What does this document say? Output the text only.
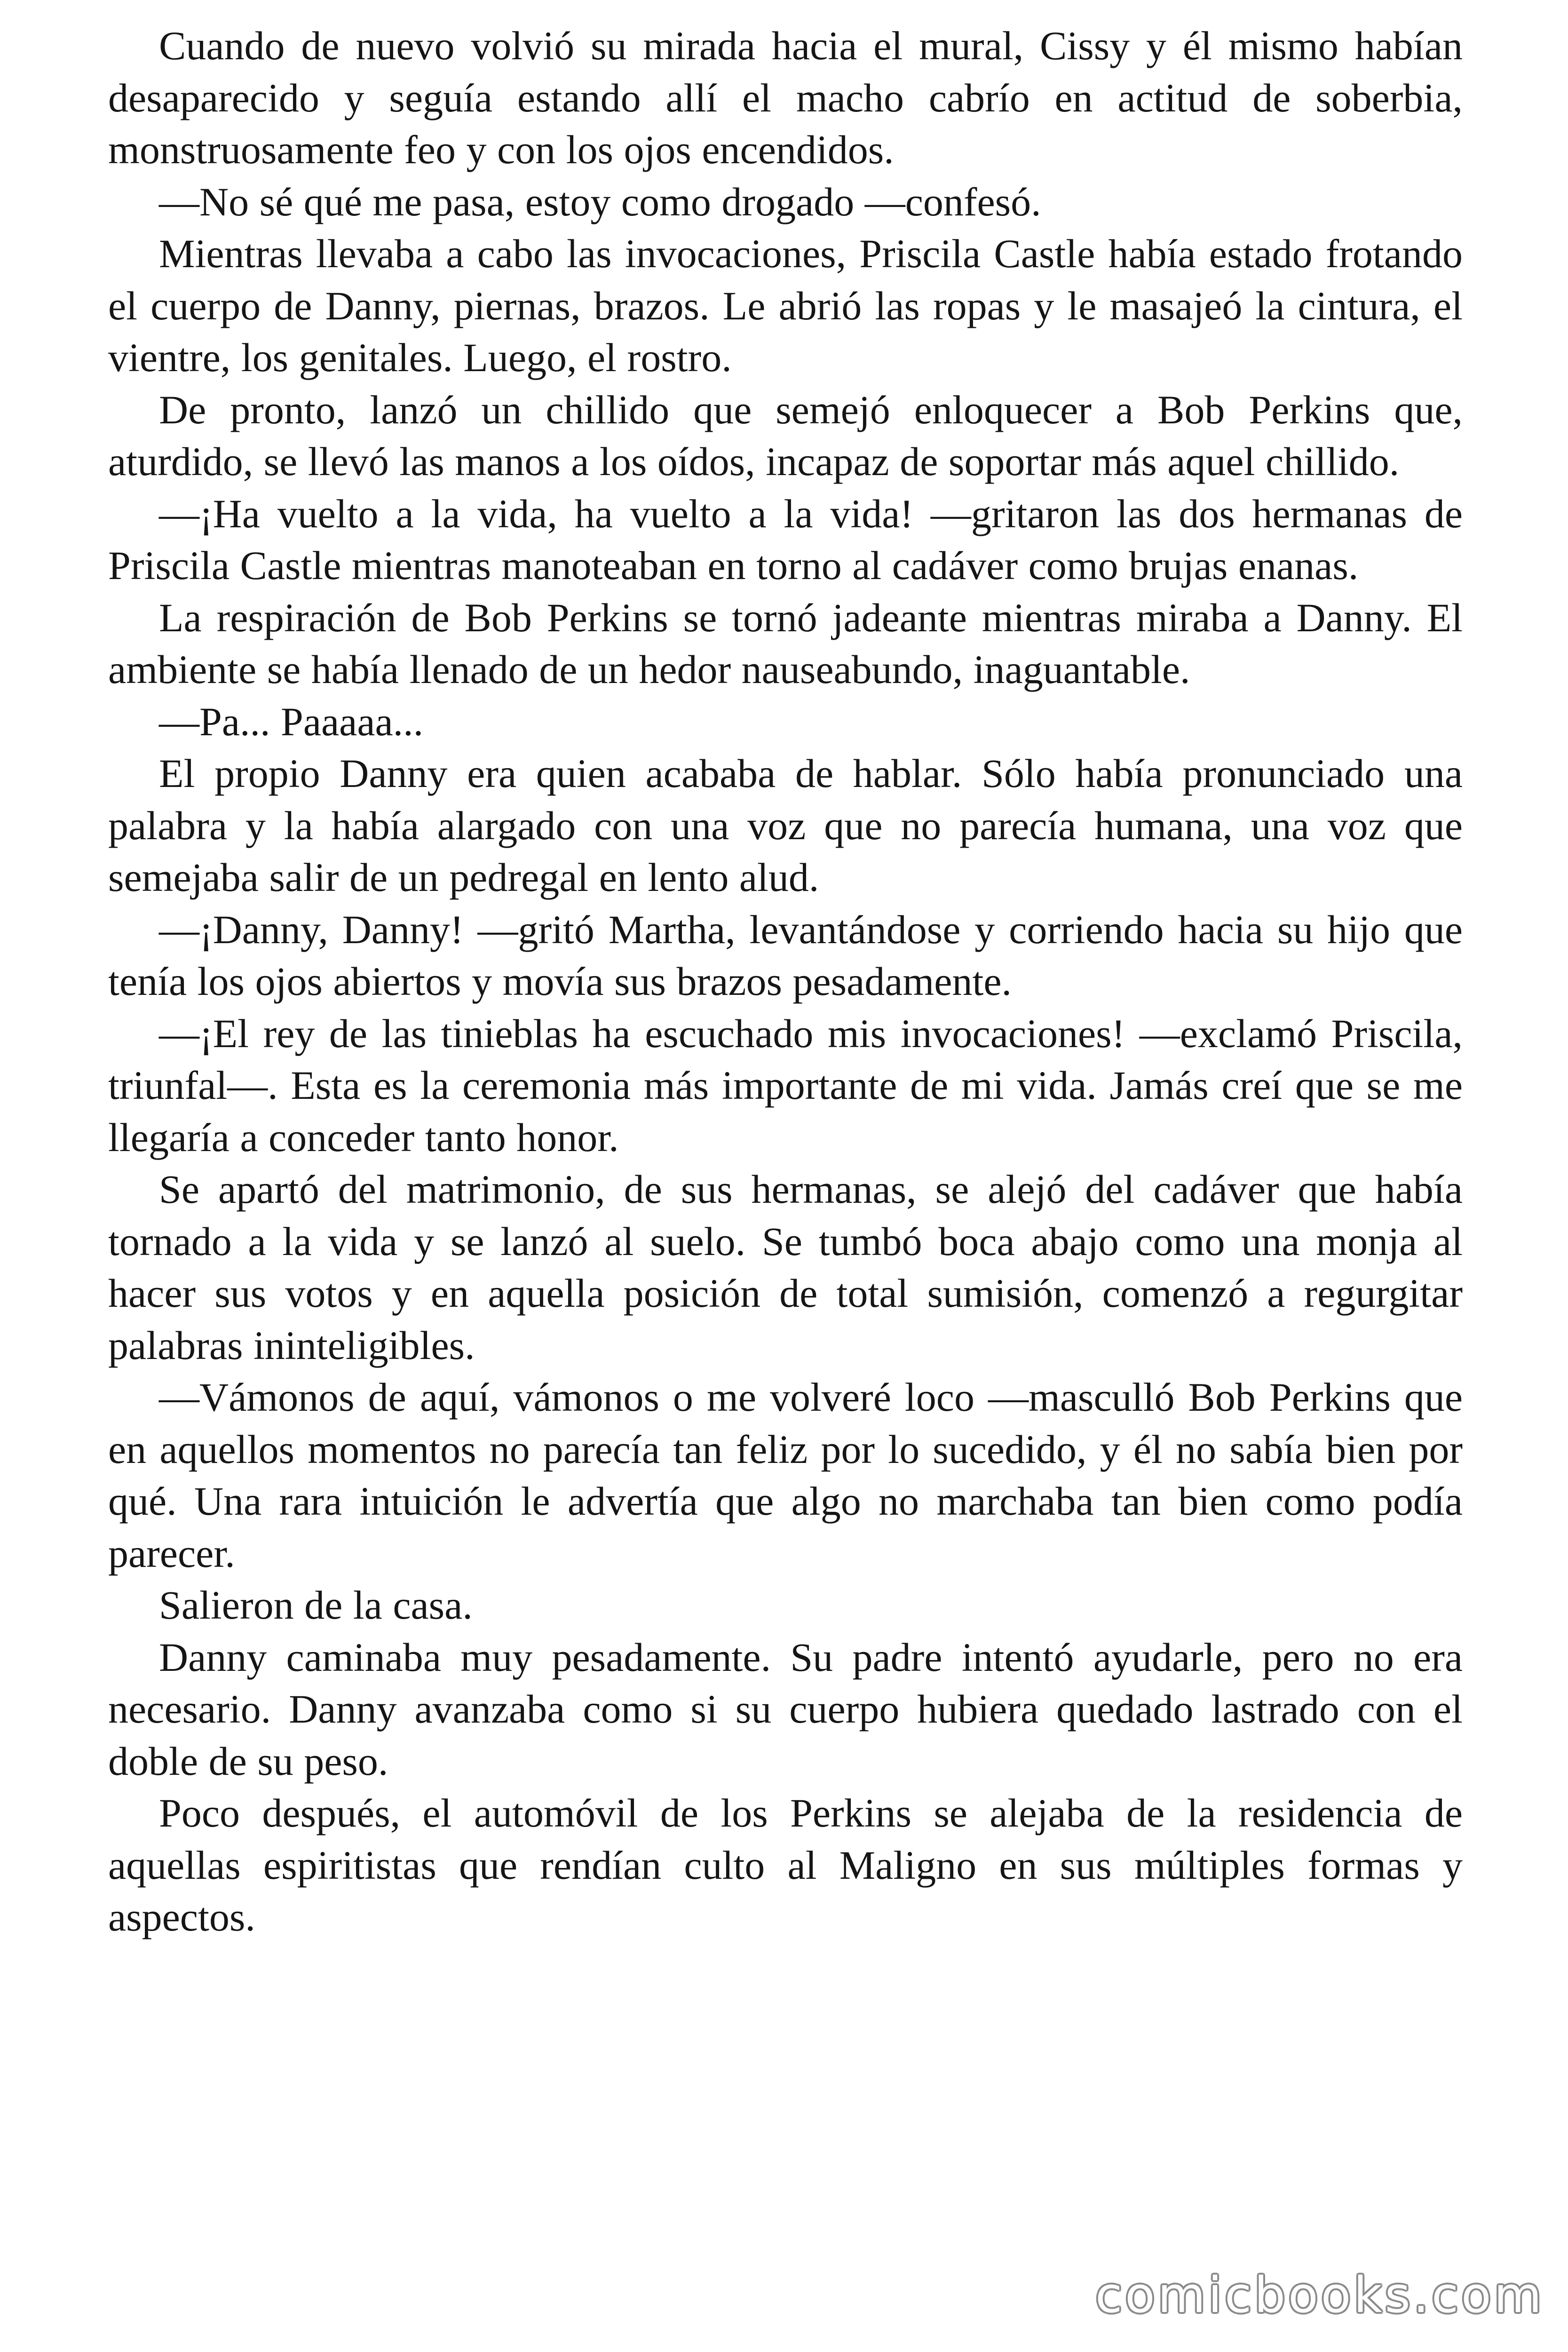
Cuando de nuevo volvió su mirada hacia el mural, Cissy y él mismo habían desaparecido y seguía estando allí el macho cabrío en actitud de soberbia, monstruosamente feo y con los ojos encendidos.

—No sé qué me pasa, estoy como drogado —confesó.

Mientras llevaba a cabo las invocaciones, Priscila Castle había estado frotando el cuerpo de Danny, piernas, brazos. Le abrió las ropas y le masajeó la cintura, el vientre, los genitales. Luego, el rostro.

De pronto, lanzó un chillido que semejó enloquecer a Bob Perkins que, aturdido, se llevó las manos a los oídos, incapaz de soportar más aquel chillido.

—¡Ha vuelto a la vida, ha vuelto a la vida! —gritaron las dos hermanas de Priscila Castle mientras manoteaban en torno al cadáver como brujas enanas.

La respiración de Bob Perkins se tornó jadeante mientras miraba a Danny. El ambiente se había llenado de un hedor nauseabundo, inaguantable.

—Pa... Paaaaa...

El propio Danny era quien acababa de hablar. Sólo había pronunciado una palabra y la había alargado con una voz que no parecía humana, una voz que semejaba salir de un pedregal en lento alud.

—¡Danny, Danny! —gritó Martha, levantándose y corriendo hacia su hijo que tenía los ojos abiertos y movía sus brazos pesadamente.

—¡El rey de las tinieblas ha escuchado mis invocaciones! —exclamó Priscila, triunfal—. Esta es la ceremonia más importante de mi vida. Jamás creí que se me llegaría a conceder tanto honor.

Se apartó del matrimonio, de sus hermanas, se alejó del cadáver que había tornado a la vida y se lanzó al suelo. Se tumbó boca abajo como una monja al hacer sus votos y en aquella posición de total sumisión, comenzó a regurgitar palabras ininteligibles.

—Vámonos de aquí, vámonos o me volveré loco —masculló Bob Perkins que en aquellos momentos no parecía tan feliz por lo sucedido, y él no sabía bien por qué. Una rara intuición le advertía que algo no marchaba tan bien como podía parecer.

Salieron de la casa.

Danny caminaba muy pesadamente. Su padre intentó ayudarle, pero no era necesario. Danny avanzaba como si su cuerpo hubiera quedado lastrado con el doble de su peso.

Poco después, el automóvil de los Perkins se alejaba de la residencia de aquellas espiritistas que rendían culto al Maligno en sus múltiples formas y aspectos.

comicbooks.com
